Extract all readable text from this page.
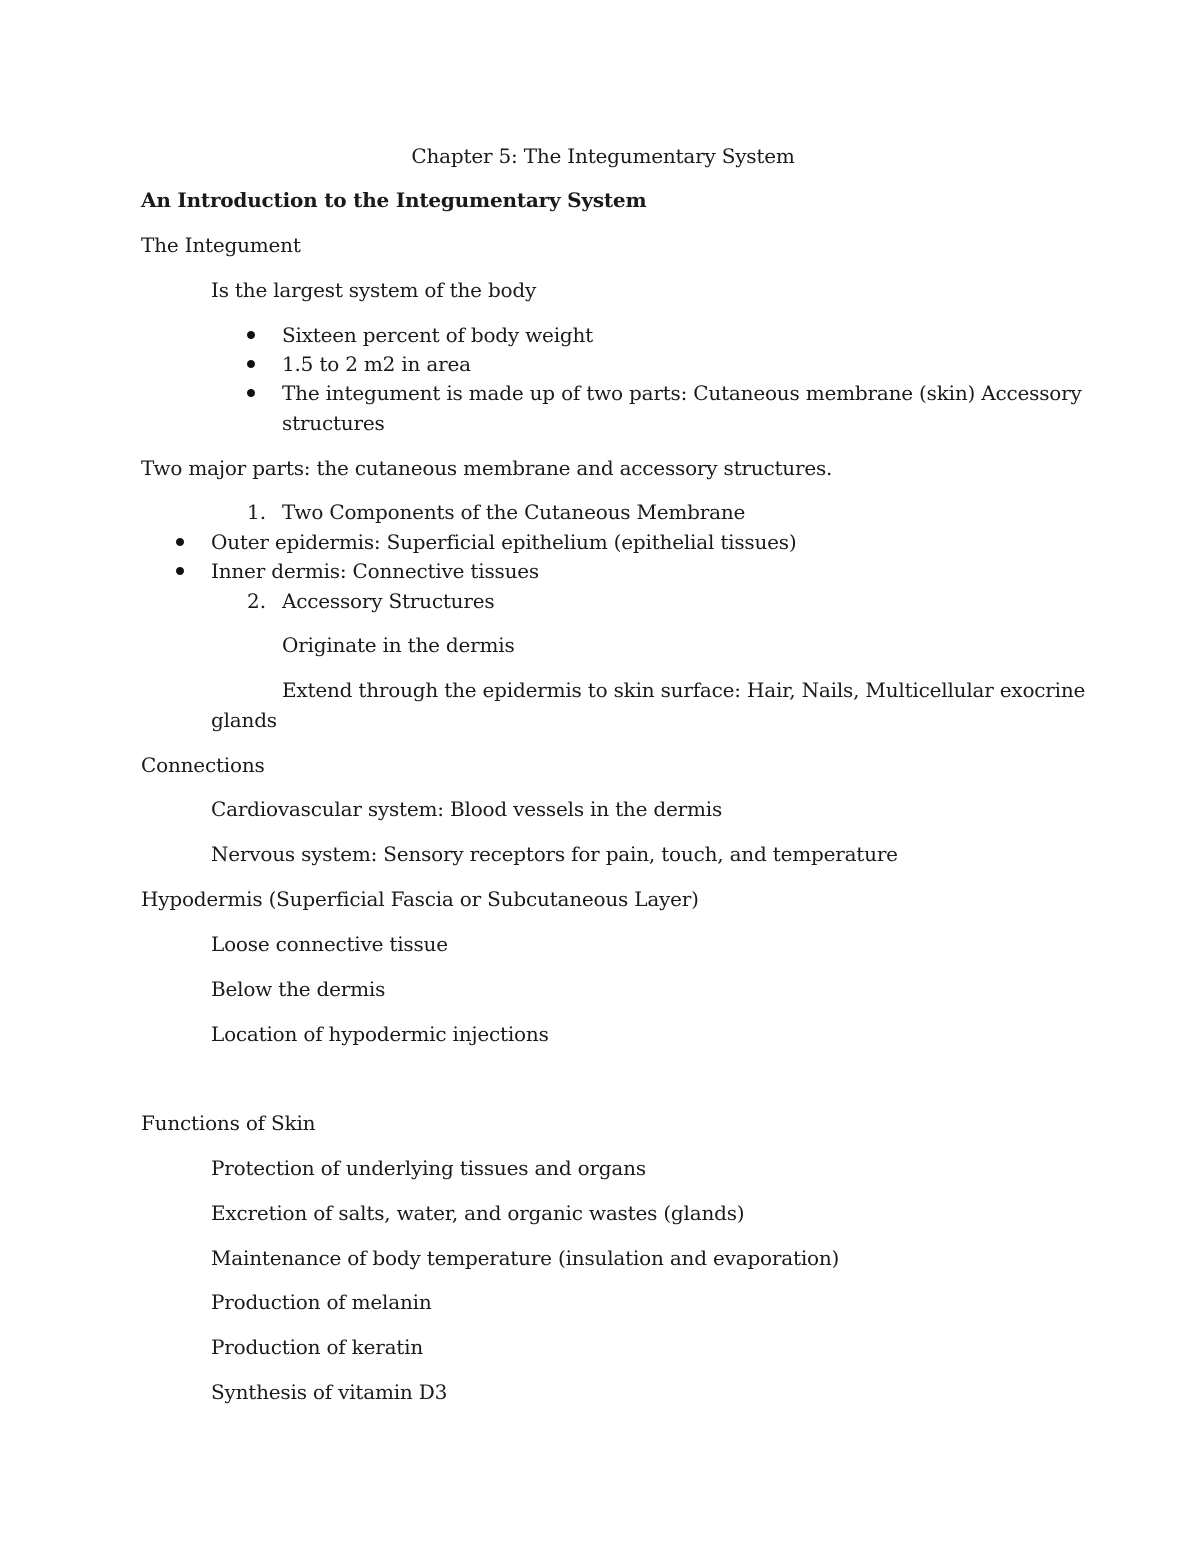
Chapter 5: The Integumentary System
An Introduction to the Integumentary System
The Integument
Is the largest system of the body
Sixteen percent of body weight
1.5 to 2 m2 in area
The integument is made up of two parts: Cutaneous membrane (skin) Accessory
structures
Two major parts: the cutaneous membrane and accessory structures.
1. Two Components of the Cutaneous Membrane
Outer epidermis: Superficial epithelium (epithelial tissues)
Inner dermis: Connective tissues
2. Accessory Structures
Originate in the dermis
Extend through the epidermis to skin surface: Hair, Nails, Multicellular exocrine
glands
Connections
Cardiovascular system: Blood vessels in the dermis
Nervous system: Sensory receptors for pain, touch, and temperature
Hypodermis (Superficial Fascia or Subcutaneous Layer)
Loose connective tissue
Below the dermis
Location of hypodermic injections
Functions of Skin
Protection of underlying tissues and organs
Excretion of salts, water, and organic wastes (glands)
Maintenance of body temperature (insulation and evaporation)
Production of melanin
Production of keratin
Synthesis of vitamin D3
